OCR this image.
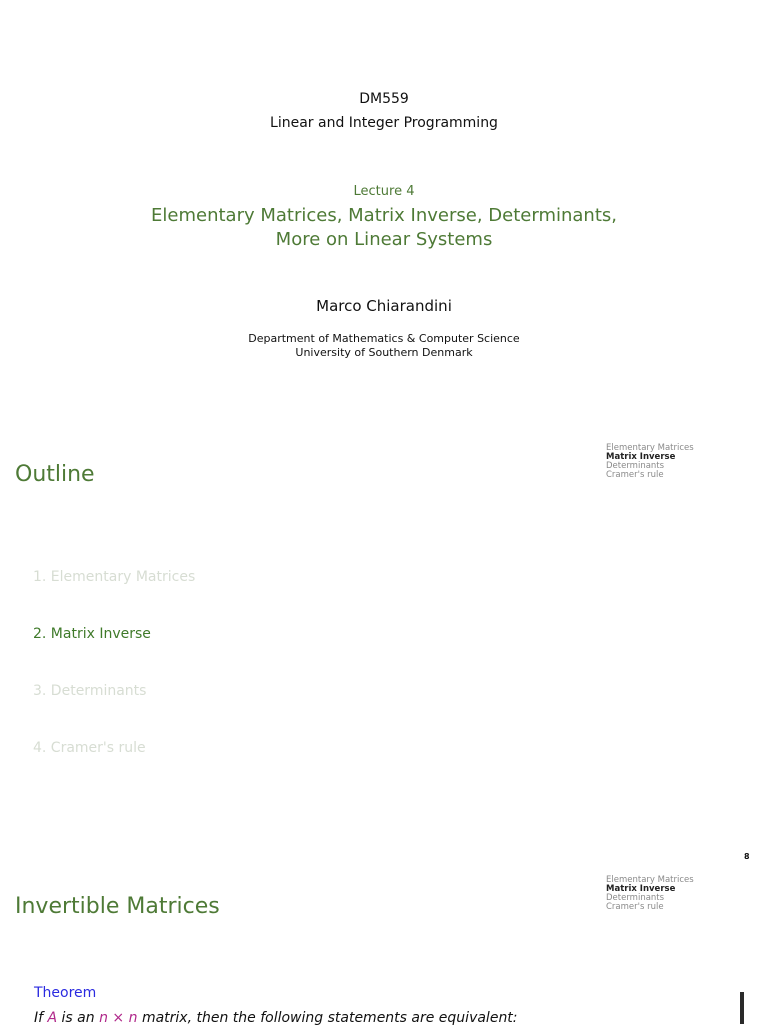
DM559
Linear and Integer Programming
Lecture 4
Elementary Matrices, Matrix Inverse, Determinants,
More on Linear Systems
Marco Chiarandini
Department of Mathematics & Computer Science
University of Southern Denmark
Elementary Matrices
Matrix Inverse
Determinants
Cramer's rule
Outline
1. Elementary Matrices
2. Matrix Inverse
3. Determinants
4. Cramer's rule
8
Elementary Matrices
Matrix Inverse
Determinants
Cramer's rule
Invertible Matrices
Theorem
If A is an n × n matrix, then the following statements are equivalent:
